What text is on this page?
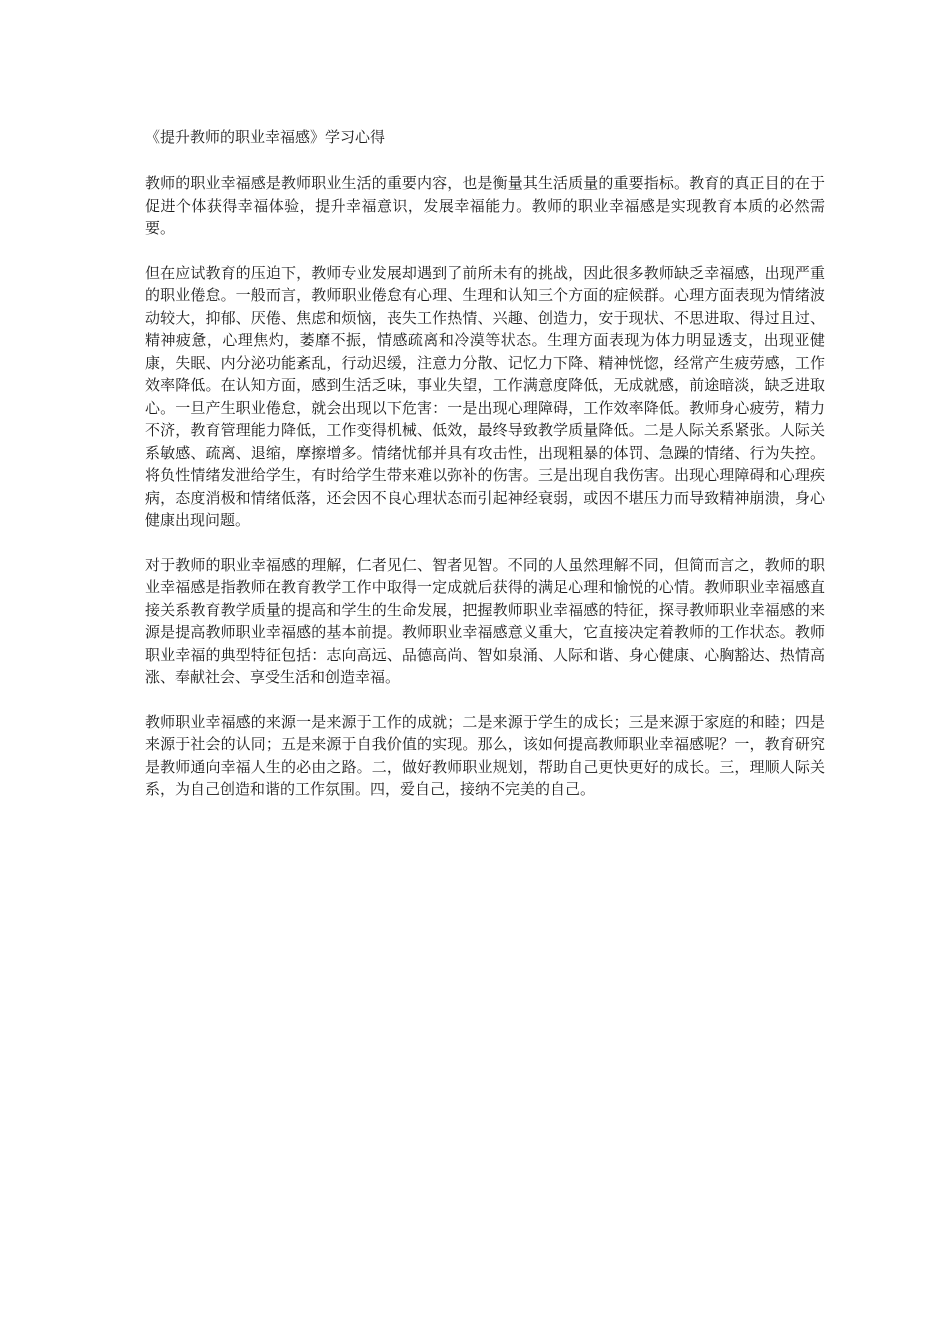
《提升教师的职业幸福感》学习心得

教师的职业幸福感是教师职业生活的重要内容，也是衡量其生活质量的重要指标。教育的真正目的在于促进个体获得幸福体验，提升幸福意识，发展幸福能力。教师的职业幸福感是实现教育本质的必然需要。

但在应试教育的压迫下，教师专业发展却遇到了前所未有的挑战，因此很多教师缺乏幸福感，出现严重的职业倦怠。一般而言，教师职业倦怠有心理、生理和认知三个方面的症候群。心理方面表现为情绪波动较大，抑郁、厌倦、焦虑和烦恼，丧失工作热情、兴趣、创造力，安于现状、不思进取、得过且过、精神疲惫，心理焦灼，萎靡不振，情感疏离和冷漠等状态。生理方面表现为体力明显透支，出现亚健康，失眠、内分泌功能紊乱，行动迟缓，注意力分散、记忆力下降、精神恍惚，经常产生疲劳感，工作效率降低。在认知方面，感到生活乏味，事业失望，工作满意度降低，无成就感，前途暗淡，缺乏进取心。一旦产生职业倦怠，就会出现以下危害：一是出现心理障碍，工作效率降低。教师身心疲劳，精力不济，教育管理能力降低，工作变得机械、低效，最终导致教学质量降低。二是人际关系紧张。人际关系敏感、疏离、退缩，摩擦增多。情绪忧郁并具有攻击性，出现粗暴的体罚、急躁的情绪、行为失控。将负性情绪发泄给学生，有时给学生带来难以弥补的伤害。三是出现自我伤害。出现心理障碍和心理疾病，态度消极和情绪低落，还会因不良心理状态而引起神经衰弱，或因不堪压力而导致精神崩溃，身心健康出现问题。

对于教师的职业幸福感的理解，仁者见仁、智者见智。不同的人虽然理解不同，但简而言之，教师的职业幸福感是指教师在教育教学工作中取得一定成就后获得的满足心理和愉悦的心情。教师职业幸福感直接关系教育教学质量的提高和学生的生命发展，把握教师职业幸福感的特征，探寻教师职业幸福感的来源是提高教师职业幸福感的基本前提。教师职业幸福感意义重大，它直接决定着教师的工作状态。教师职业幸福的典型特征包括：志向高远、品德高尚、智如泉涌、人际和谐、身心健康、心胸豁达、热情高涨、奉献社会、享受生活和创造幸福。

教师职业幸福感的来源一是来源于工作的成就；二是来源于学生的成长；三是来源于家庭的和睦；四是来源于社会的认同；五是来源于自我价值的实现。那么，该如何提高教师职业幸福感呢？一，教育研究是教师通向幸福人生的必由之路。二，做好教师职业规划，帮助自己更快更好的成长。三，理顺人际关系，为自己创造和谐的工作氛围。四，爱自己，接纳不完美的自己。
